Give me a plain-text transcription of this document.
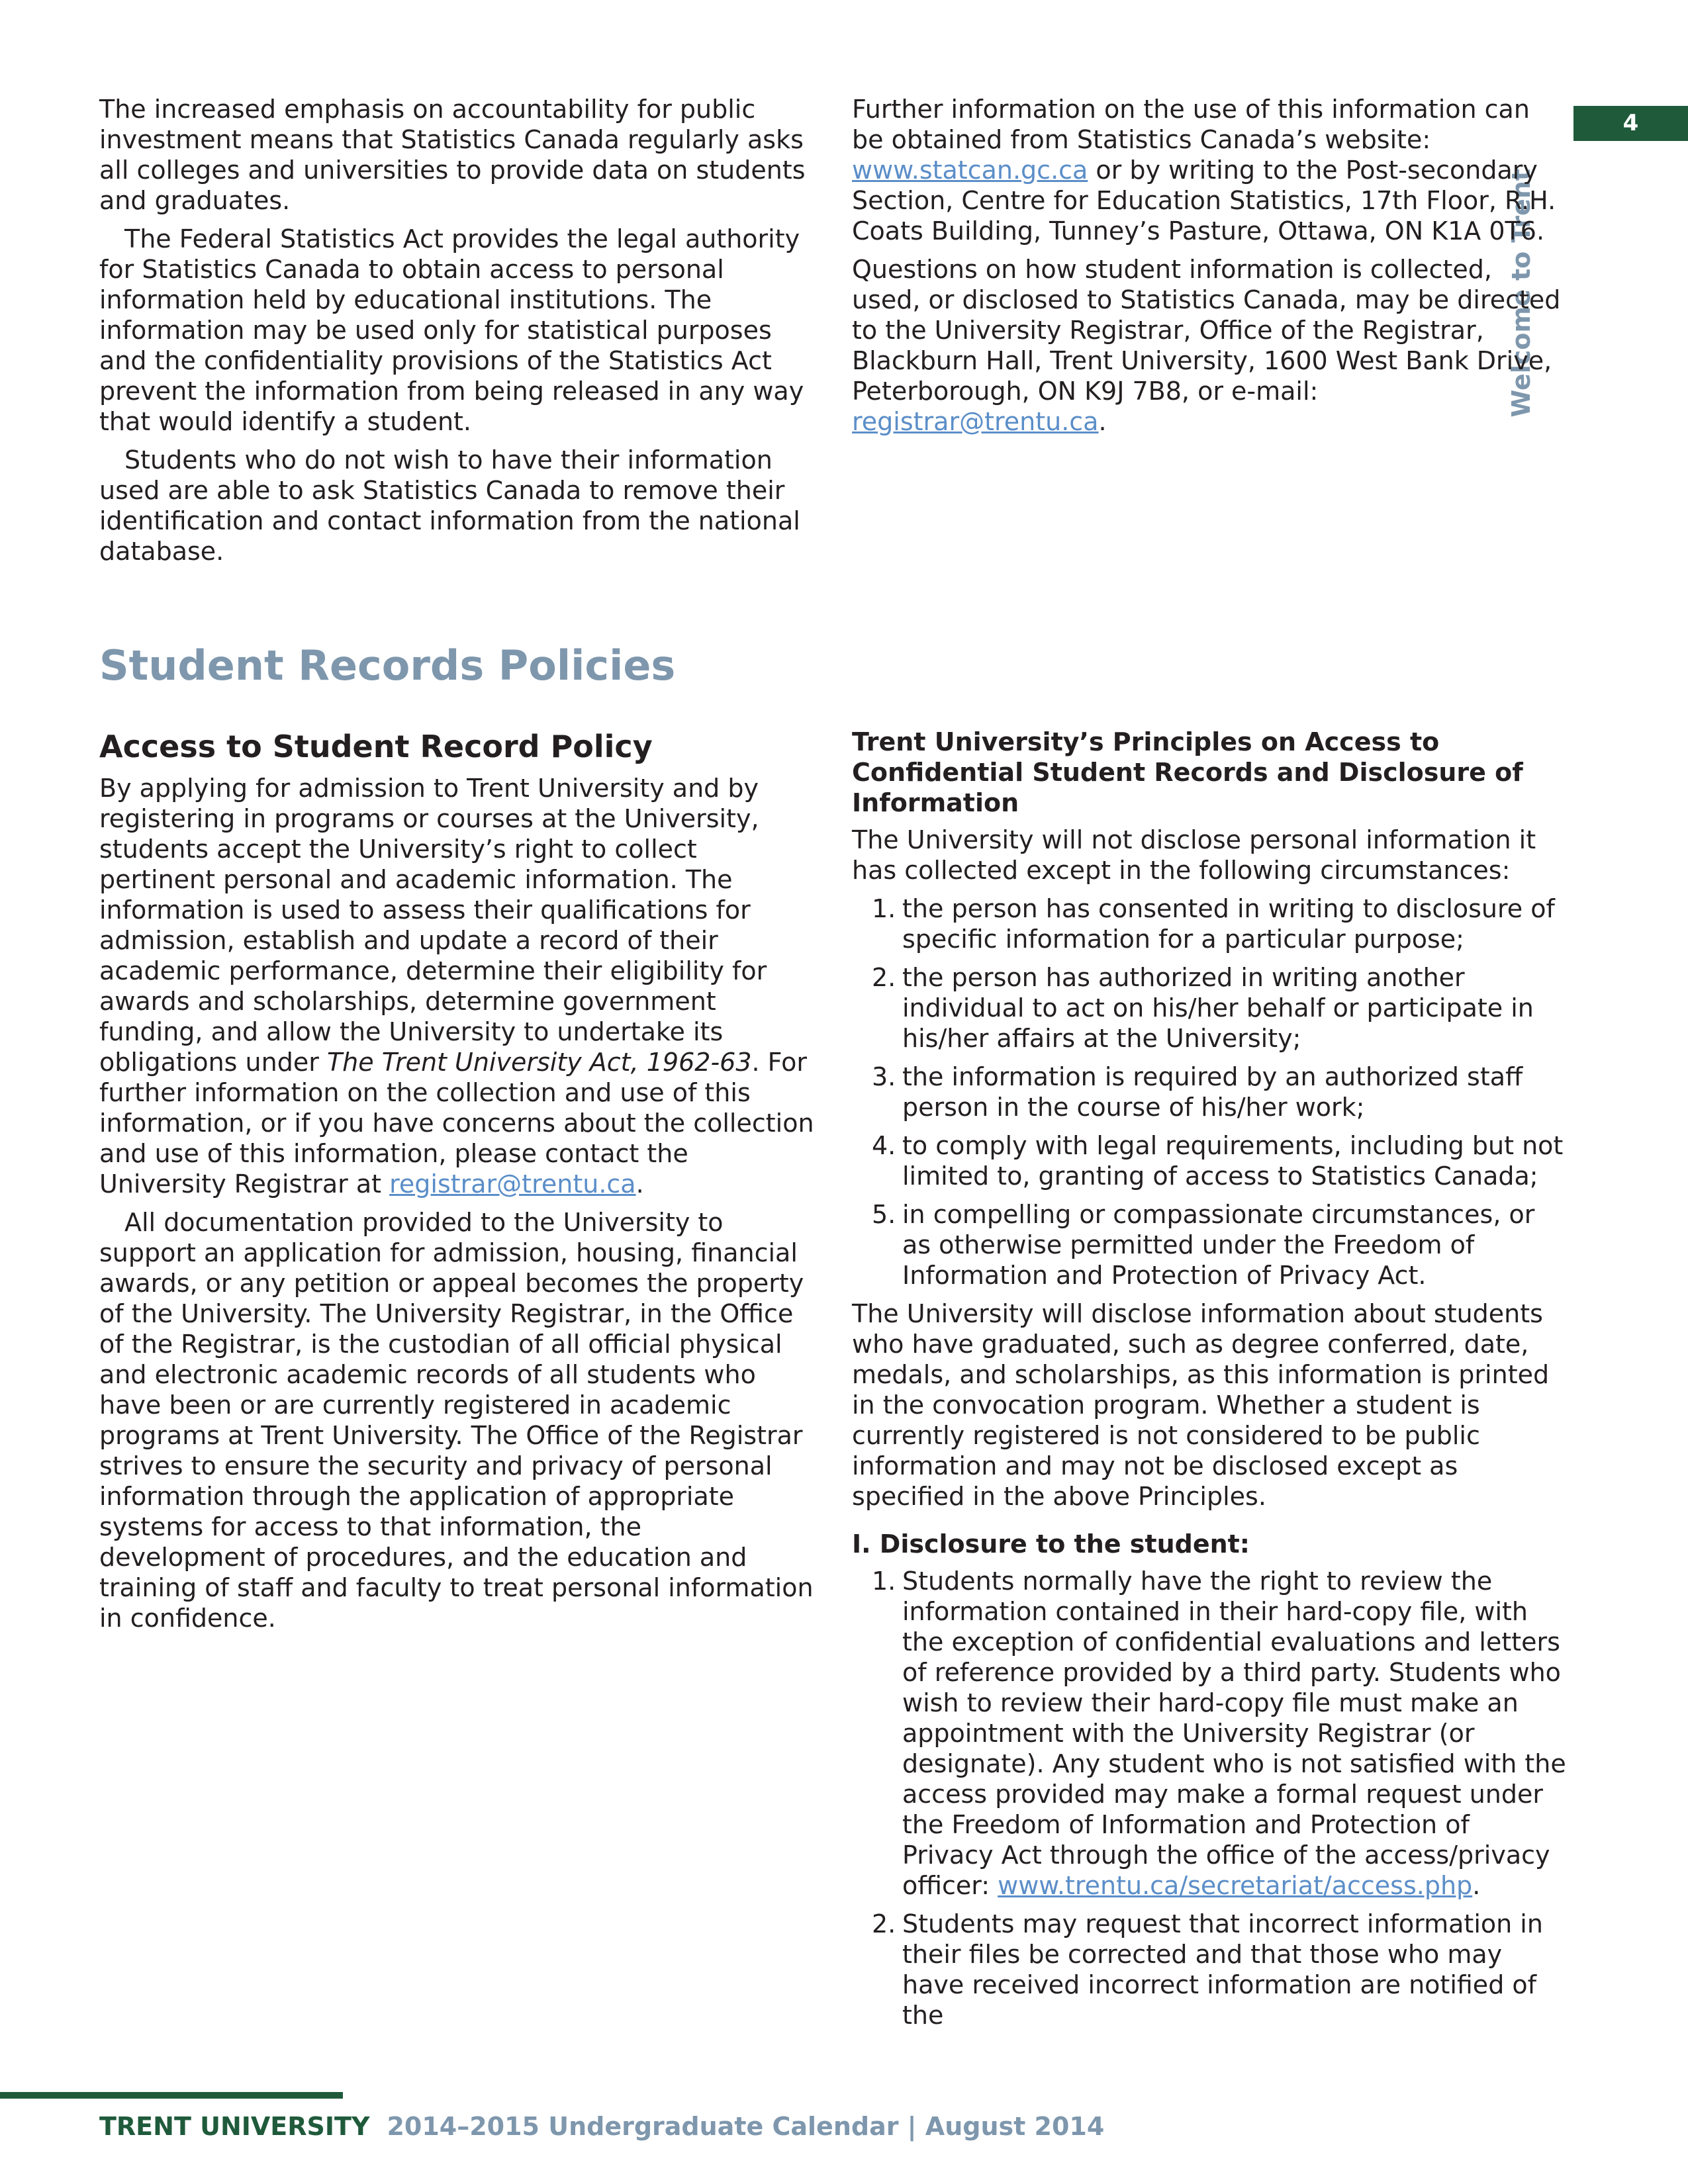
4
Welcome to Trent

The increased emphasis on accountability for public investment means that Statistics Canada regularly asks all colleges and universities to provide data on students and graduates.

The Federal Statistics Act provides the legal authority for Statistics Canada to obtain access to personal information held by educational institutions. The information may be used only for statistical purposes and the confidentiality provisions of the Statistics Act prevent the information from being released in any way that would identify a student.

Students who do not wish to have their information used are able to ask Statistics Canada to remove their identification and contact information from the national database.

Further information on the use of this information can be obtained from Statistics Canada’s website: www.statcan.gc.ca or by writing to the Post-secondary Section, Centre for Education Statistics, 17th Floor, R.H. Coats Building, Tunney’s Pasture, Ottawa, ON K1A 0T6.

Questions on how student information is collected, used, or disclosed to Statistics Canada, may be directed to the University Registrar, Office of the Registrar, Blackburn Hall, Trent University, 1600 West Bank Drive, Peterborough, ON K9J 7B8, or e-mail: registrar@trentu.ca.

Student Records Policies
Access to Student Record Policy

By applying for admission to Trent University and by registering in programs or courses at the University, students accept the University’s right to collect pertinent personal and academic information. The information is used to assess their qualifications for admission, establish and update a record of their academic performance, determine their eligibility for awards and scholarships, determine government funding, and allow the University to undertake its obligations under The Trent University Act, 1962-63. For further information on the collection and use of this information, or if you have concerns about the collection and use of this information, please contact the University Registrar at registrar@trentu.ca.

All documentation provided to the University to support an application for admission, housing, financial awards, or any petition or appeal becomes the property of the University. The University Registrar, in the Office of the Registrar, is the custodian of all official physical and electronic academic records of all students who have been or are currently registered in academic programs at Trent University. The Office of the Registrar strives to ensure the security and privacy of personal information through the application of appropriate systems for access to that information, the development of procedures, and the education and training of staff and faculty to treat personal information in confidence.

Trent University’s Principles on Access to Confidential Student Records and Disclosure of Information

The University will not disclose personal information it has collected except in the following circumstances:

1. the person has consented in writing to disclosure of specific information for a particular purpose;
2. the person has authorized in writing another individual to act on his/her behalf or participate in his/her affairs at the University;
3. the information is required by an authorized staff person in the course of his/her work;
4. to comply with legal requirements, including but not limited to, granting of access to Statistics Canada;
5. in compelling or compassionate circumstances, or as otherwise permitted under the Freedom of Information and Protection of Privacy Act.

The University will disclose information about students who have graduated, such as degree conferred, date, medals, and scholarships, as this information is printed in the convocation program. Whether a student is currently registered is not considered to be public information and may not be disclosed except as specified in the above Principles.

I. Disclosure to the student:
1. Students normally have the right to review the information contained in their hard-copy file, with the exception of confidential evaluations and letters of reference provided by a third party. Students who wish to review their hard-copy file must make an appointment with the University Registrar (or designate). Any student who is not satisfied with the access provided may make a formal request under the Freedom of Information and Protection of Privacy Act through the office of the access/privacy officer: www.trentu.ca/secretariat/access.php.
2. Students may request that incorrect information in their files be corrected and that those who may have received incorrect information are notified of the
TRENT UNIVERSITY 2014–2015 Undergraduate Calendar | August 2014
